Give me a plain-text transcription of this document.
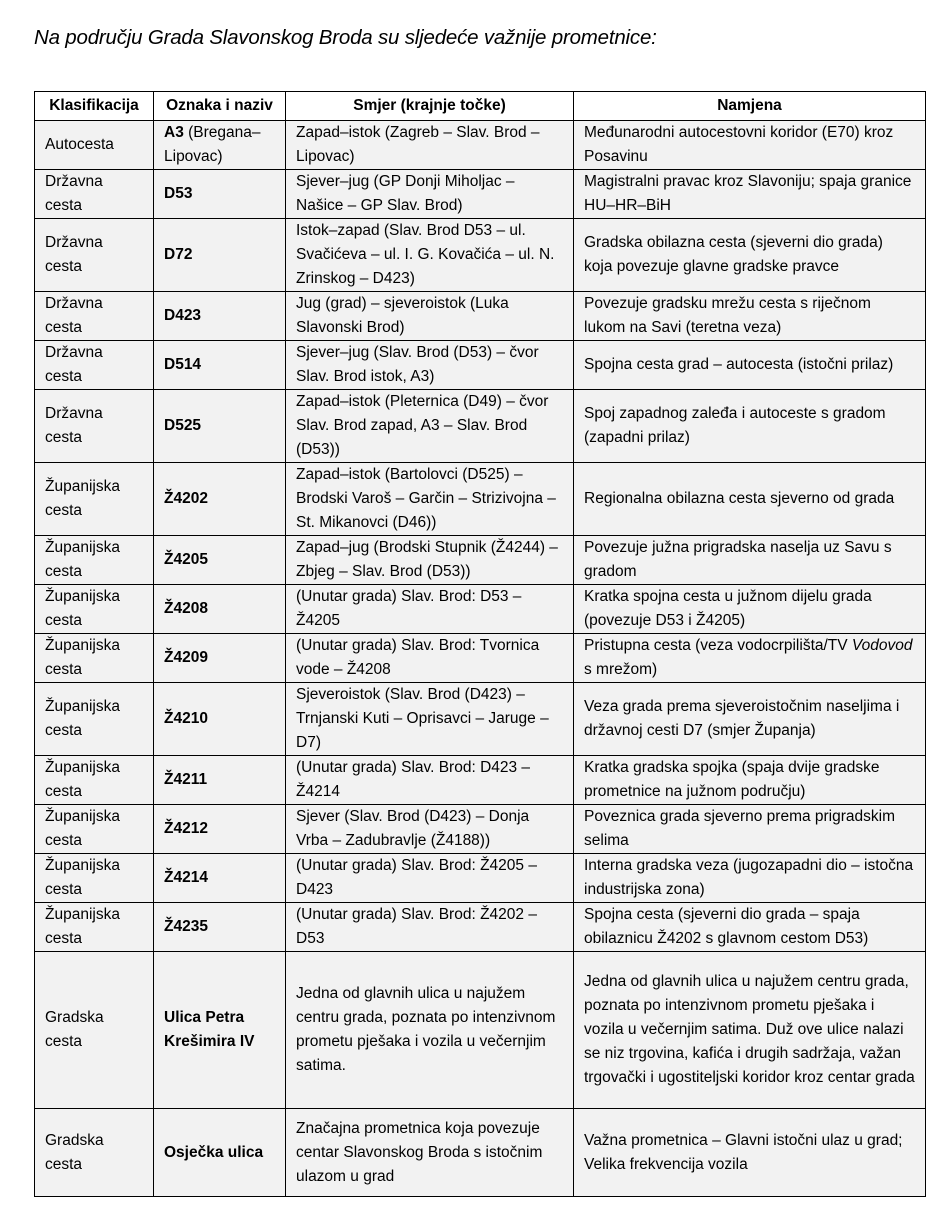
Na području Grada Slavonskog Broda su sljedeće važnije prometnice:
Klasifikacija	Oznaka i naziv	Smjer (krajnje točke)	Namjena
Autocesta	A3 (Bregana–Lipovac)	Zapad–istok (Zagreb – Slav. Brod – Lipovac)	Međunarodni autocestovni koridor (E70) kroz Posavinu
Državna cesta	D53	Sjever–jug (GP Donji Miholjac – Našice – GP Slav. Brod)	Magistralni pravac kroz Slavoniju; spaja granice HU–HR–BiH
Državna cesta	D72	Istok–zapad (Slav. Brod D53 – ul. Svačićeva – ul. I. G. Kovačića – ul. N. Zrinskog – D423)	Gradska obilazna cesta (sjeverni dio grada) koja povezuje glavne gradske pravce
Državna cesta	D423	Jug (grad) – sjeveroistok (Luka Slavonski Brod)	Povezuje gradsku mrežu cesta s riječnom lukom na Savi (teretna veza)
Državna cesta	D514	Sjever–jug (Slav. Brod (D53) – čvor Slav. Brod istok, A3)	Spojna cesta grad – autocesta (istočni prilaz)
Državna cesta	D525	Zapad–istok (Pleternica (D49) – čvor Slav. Brod zapad, A3 – Slav. Brod (D53))	Spoj zapadnog zaleđa i autoceste s gradom (zapadni prilaz)
Županijska cesta	Ž4202	Zapad–istok (Bartolovci (D525) – Brodski Varoš – Garčin – Strizivojna – St. Mikanovci (D46))	Regionalna obilazna cesta sjeverno od grada
Županijska cesta	Ž4205	Zapad–jug (Brodski Stupnik (Ž4244) – Zbjeg – Slav. Brod (D53))	Povezuje južna prigradska naselja uz Savu s gradom
Županijska cesta	Ž4208	(Unutar grada) Slav. Brod: D53 – Ž4205	Kratka spojna cesta u južnom dijelu grada (povezuje D53 i Ž4205)
Županijska cesta	Ž4209	(Unutar grada) Slav. Brod: Tvornica vode – Ž4208	Pristupna cesta (veza vodocrpilišta/TV Vodovod s mrežom)
Županijska cesta	Ž4210	Sjeveroistok (Slav. Brod (D423) – Trnjanski Kuti – Oprisavci – Jaruge – D7)	Veza grada prema sjeveroistočnim naseljima i državnoj cesti D7 (smjer Županja)
Županijska cesta	Ž4211	(Unutar grada) Slav. Brod: D423 – Ž4214	Kratka gradska spojka (spaja dvije gradske prometnice na južnom području)
Županijska cesta	Ž4212	Sjever (Slav. Brod (D423) – Donja Vrba – Zadubravlje (Ž4188))	Poveznica grada sjeverno prema prigradskim selima
Županijska cesta	Ž4214	(Unutar grada) Slav. Brod: Ž4205 – D423	Interna gradska veza (jugozapadni dio – istočna industrijska zona)
Županijska cesta	Ž4235	(Unutar grada) Slav. Brod: Ž4202 – D53	Spojna cesta (sjeverni dio grada – spaja obilaznicu Ž4202 s glavnom cestom D53)
Gradska cesta	Ulica Petra Krešimira IV	Jedna od glavnih ulica u najužem centru grada, poznata po intenzivnom prometu pješaka i vozila u večernjim satima.	Jedna od glavnih ulica u najužem centru grada, poznata po intenzivnom prometu pješaka i vozila u večernjim satima. Duž ove ulice nalazi se niz trgovina, kafića i drugih sadržaja, važan trgovački i ugostiteljski koridor kroz centar grada
Gradska cesta	Osječka ulica	Značajna prometnica koja povezuje centar Slavonskog Broda s istočnim ulazom u grad	Važna prometnica – Glavni istočni ulaz u grad; Velika frekvencija vozila
